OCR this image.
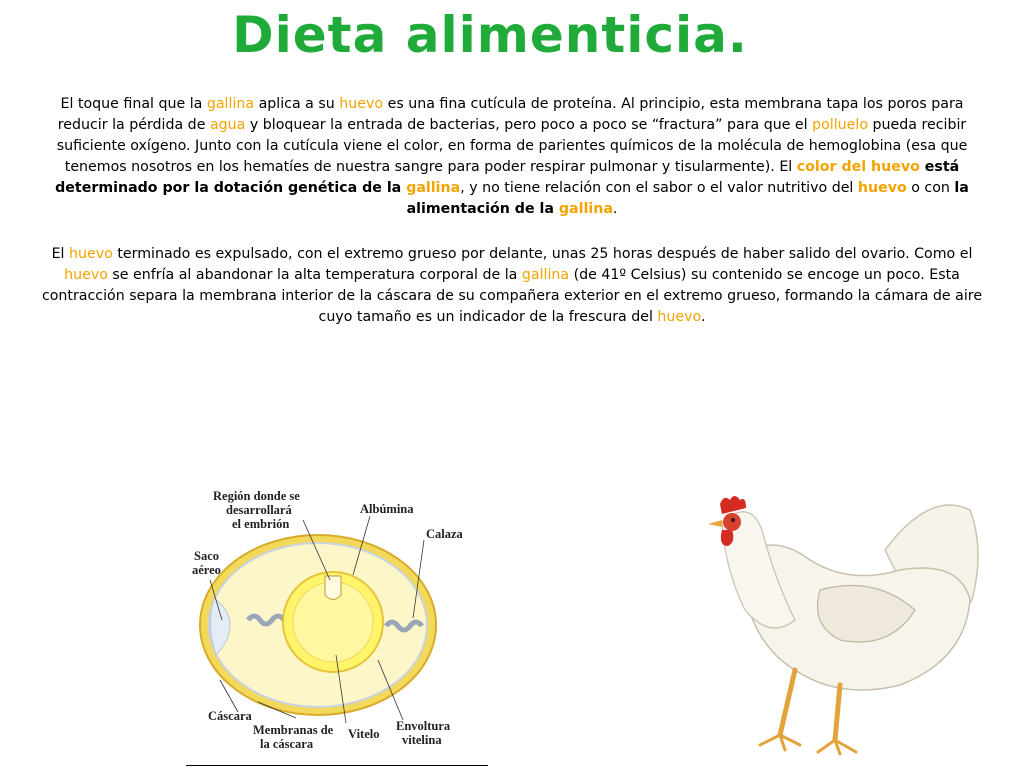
Dieta alimenticia.
El toque final que la gallina aplica a su huevo es una fina cutícula de proteína. Al principio, esta membrana tapa los poros para reducir la pérdida de agua y bloquear la entrada de bacterias, pero poco a poco se “fractura” para que el polluelo pueda recibir suficiente oxígeno. Junto con la cutícula viene el color, en forma de parientes químicos de la molécula de hemoglobina (esa que tenemos nosotros en los hematíes de nuestra sangre para poder respirar pulmonar y tisularmente). El color del huevo está determinado por la dotación genética de la gallina, y no tiene relación con el sabor o el valor nutritivo del huevo o con la alimentación de la gallina.
El huevo terminado es expulsado, con el extremo grueso por delante, unas 25 horas después de haber salido del ovario. Como el huevo se enfría al abandonar la alta temperatura corporal de la gallina (de 41º Celsius) su contenido se encoge un poco. Esta contracción separa la membrana interior de la cáscara de su compañera exterior en el extremo grueso, formando la cámara de aire cuyo tamaño es un indicador de la frescura del huevo.
Región donde se
desarrollará
el embrión
Albúmina
Calaza
Saco
aéreo
Cáscara
Membranas de
la cáscara
Vitelo
Envoltura
vitelina
